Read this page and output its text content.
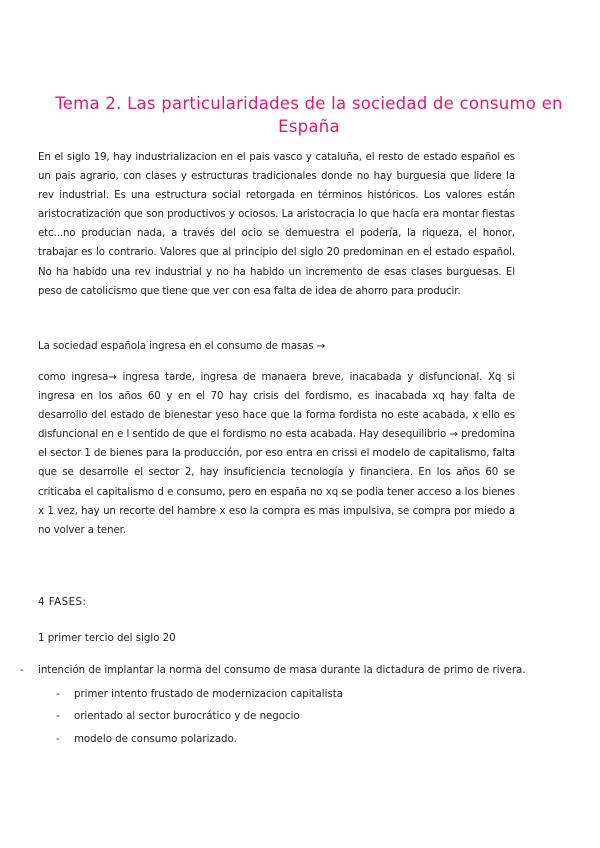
Tema 2. Las particularidades de la sociedad de consumo en España
En el siglo 19, hay industrializacion en el pais vasco y cataluña, el resto de estado español es un pais agrario, con clases y estructuras tradicionales donde no hay burguesia que lidere la rev industrial. Es una estructura social retorgada en términos históricos. Los valores están aristocratización que son productivos y ociosos. La aristocracia lo que hacía era montar fiestas etc...no producian nada, a través del ocio se demuestra el podería, la riqueza, el honor, trabajar es lo contrario. Valores que al principio del siglo 20 predominan en el estado español. No ha habido una rev industrial y no ha habido un incremento de esas clases burguesas. El peso de catolicismo que tiene que ver con esa falta de idea de ahorro para producir.
La sociedad española ingresa en el consumo de masas →
como ingresa→ ingresa tarde, ingresa de manaera breve, inacabada y disfuncional. Xq si ingresa en los años 60 y en el 70 hay crisis del fordismo, es inacabada xq hay falta de desarrollo del estado de bienestar yeso hace que la forma fordista no este acabada, x ello es disfuncional en e l sentido de que el fordismo no esta acabada. Hay desequilibrio → predomina el sector 1 de bienes para la producción, por eso entra en crissi el modelo de capitalismo, falta que se desarrolle el sector 2, hay insuficiencia tecnología y financiera. En los años 60 se criticaba el capitalismo d e consumo, pero en españa no xq se podia tener acceso a los bienes x 1 vez, hay un recorte del hambre x eso la compra es mas impulsiva, se compra por miedo a no volver a tener.
4 FASES:
1 primer tercio del siglo 20
- intención de implantar la norma del consumo de masa durante la dictadura de primo de rivera.
- primer intento frustado de modernizacion capitalista
- orientado al sector burocrático y de negocio
- modelo de consumo polarizado.
